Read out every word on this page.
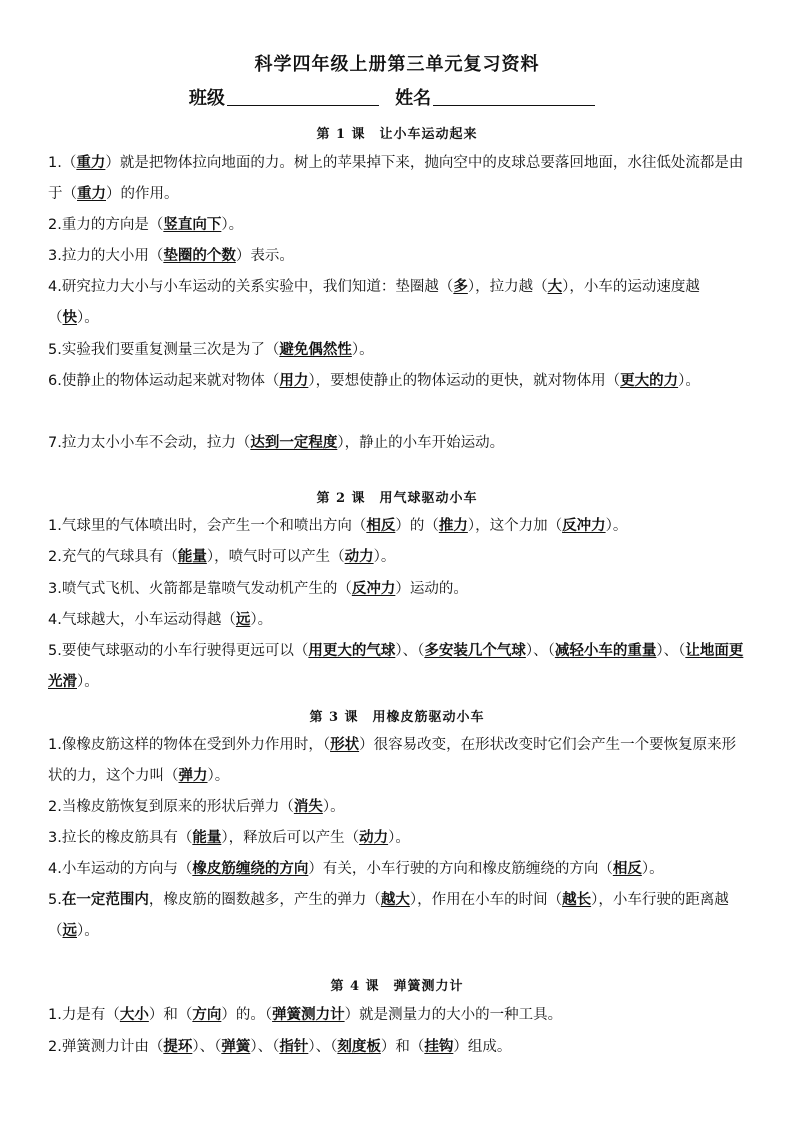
科学四年级上册第三单元复习资料
班级	姓名
第 1 课 让小车运动起来
1.（重力）就是把物体拉向地面的力。树上的苹果掉下来，抛向空中的皮球总要落回地面，水往低处流都是由于（重力）的作用。
2.重力的方向是（竖直向下）。
3.拉力的大小用（垫圈的个数）表示。
4.研究拉力大小与小车运动的关系实验中，我们知道：垫圈越（多），拉力越（大），小车的运动速度越（快）。
5.实验我们要重复测量三次是为了（避免偶然性）。
6.使静止的物体运动起来就对物体（用力），要想使静止的物体运动的更快，就对物体用（更大的力）。
7.拉力太小小车不会动，拉力（达到一定程度），静止的小车开始运动。
第 2 课 用气球驱动小车
1.气球里的气体喷出时，会产生一个和喷出方向（相反）的（推力），这个力加（反冲力）。
2.充气的气球具有（能量），喷气时可以产生（动力）。
3.喷气式飞机、火箭都是靠喷气发动机产生的（反冲力）运动的。
4.气球越大，小车运动得越（远）。
5.要使气球驱动的小车行驶得更远可以（用更大的气球）、（多安装几个气球）、（减轻小车的重量）、（让地面更光滑）。
第 3 课 用橡皮筋驱动小车
1.像橡皮筋这样的物体在受到外力作用时，（形状）很容易改变，在形状改变时它们会产生一个要恢复原来形状的力，这个力叫（弹力）。
2.当橡皮筋恢复到原来的形状后弹力（消失）。
3.拉长的橡皮筋具有（能量），释放后可以产生（动力）。
4.小车运动的方向与（橡皮筋缠绕的方向）有关，小车行驶的方向和橡皮筋缠绕的方向（相反）。
5.在一定范围内，橡皮筋的圈数越多，产生的弹力（越大），作用在小车的时间（越长），小车行驶的距离越（远）。
第 4 课 弹簧测力计
1.力是有（大小）和（方向）的。（弹簧测力计）就是测量力的大小的一种工具。
2.弹簧测力计由（提环）、（弹簧）、（指针）、（刻度板）和（挂钩）组成。
